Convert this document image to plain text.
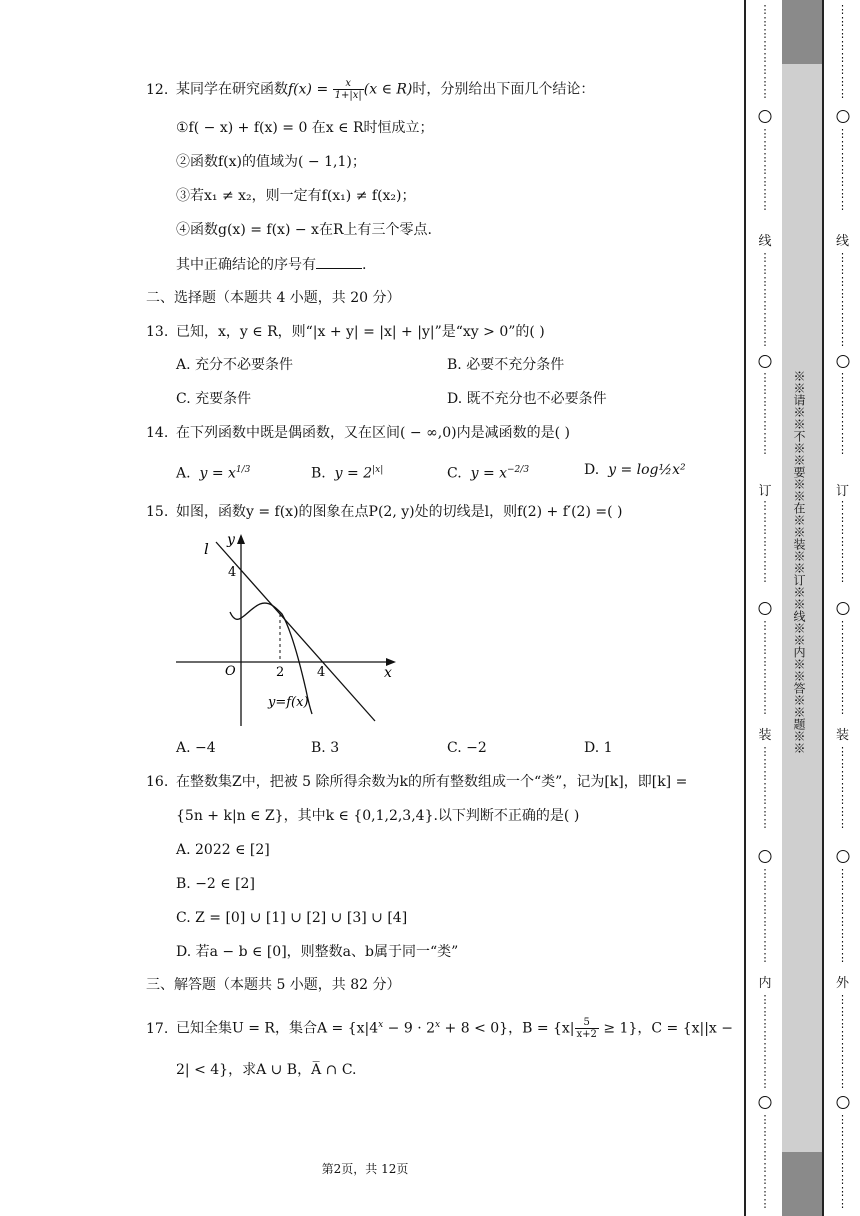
12. 某同学在研究函数$f(x) = \frac{x}{1+|x|} (x$ ∈ R)时，分别给出下面几个结论：
①f( − x) + f(x) = 0 在x ∈ R时恒成立；
②函数f(x)的值域为( − 1,1)；
③若x₁ ≠ x₂，则一定有f(x₁) ≠ f(x₂)；
④函数g(x) = f(x) − x在R上有三个零点.
其中正确结论的序号有	.
二、选择题（本题共 4 小题，共 20 分）
13. 已知，x，y ∈ R，则“|x + y| = |x| + |y|”是“xy > 0”的( )
A. 充分不必要条件	B. 必要不充分条件
C. 充要条件	D. 既不充分也不必要条件
14. 在下列函数中既是偶函数，又在区间( − ∞,0)内是减函数的是( )
A. $y = x^{1/3}$	B. $y = 2^{|x|}$	C. $y = x^{-2/3}$	D. y = log½x²
15. 如图，函数y = f(x)的图象在点P(2, y)处的切线是l，则f(2) + f′(2) =( )
l y
x
O	2	4
4
y=f(x)
A. −4	B. 3	C. −2	D. 1
16. 在整数集Z中，把被 5 除所得余数为k的所有整数组成一个“类”，记为[k]，即[k] =
{5n + k|n ∈ Z}，其中k ∈ {0,1,2,3,4}.以下判断不正确的是( )
A. 2022 ∈ [2]
B. −2 ∈ [2]
C. Z = [0] ∪ [1] ∪ [2] ∪ [3] ∪ [4]
D. 若a − b ∈ [0]，则整数a、b属于同一“类”
三、解答题（本题共 5 小题，共 82 分）
17. 已知全集U = R，集合$A = \{x|4^x - 9 \cdot 2^x + 8 < 0\}$，$B = \{x| \frac{5}{x+2} \ge 1\}$，C = {x||x −
2| < 4}，求A ∪ B，A̅ ∩ C.
第2页，共 12页
⋮
⋮
⋮
⋮
⋮
⋮
⋮
⋮
⋮
⋮
⋮
⋮
⋮
⋮
⋮
线
⋮
⋮
⋮
⋮
⋮
⋮
⋮
⋮
⋮
⋮
⋮
⋮
⋮
⋮
⋮
订
⋮
⋮
⋮
⋮
⋮
⋮
⋮
⋮
⋮
⋮
⋮
⋮
⋮
⋮
⋮
装
⋮
⋮
⋮
⋮
⋮
⋮
⋮
⋮
⋮
⋮
⋮
⋮
⋮
⋮
⋮
内
⋮
⋮
⋮
⋮
⋮
⋮
⋮
⋮
⋮
⋮
⋮
⋮
⋮
⋮
⋮
⋮
※※请※※不※※要※※在※※装※※订※※线※※内※※答※※题※※
⋮
⋮
⋮
⋮
⋮
⋮
⋮
⋮
⋮
⋮
⋮
⋮
⋮
⋮
⋮
线
⋮
⋮
⋮
⋮
⋮
⋮
⋮
⋮
⋮
⋮
⋮
⋮
⋮
⋮
⋮
订
⋮
⋮
⋮
⋮
⋮
⋮
⋮
⋮
⋮
⋮
⋮
⋮
⋮
⋮
⋮
装
⋮
⋮
⋮
⋮
⋮
⋮
⋮
⋮
⋮
⋮
⋮
⋮
⋮
⋮
⋮
外
⋮
⋮
⋮
⋮
⋮
⋮
⋮
⋮
⋮
⋮
⋮
⋮
⋮
⋮
⋮
⋮
